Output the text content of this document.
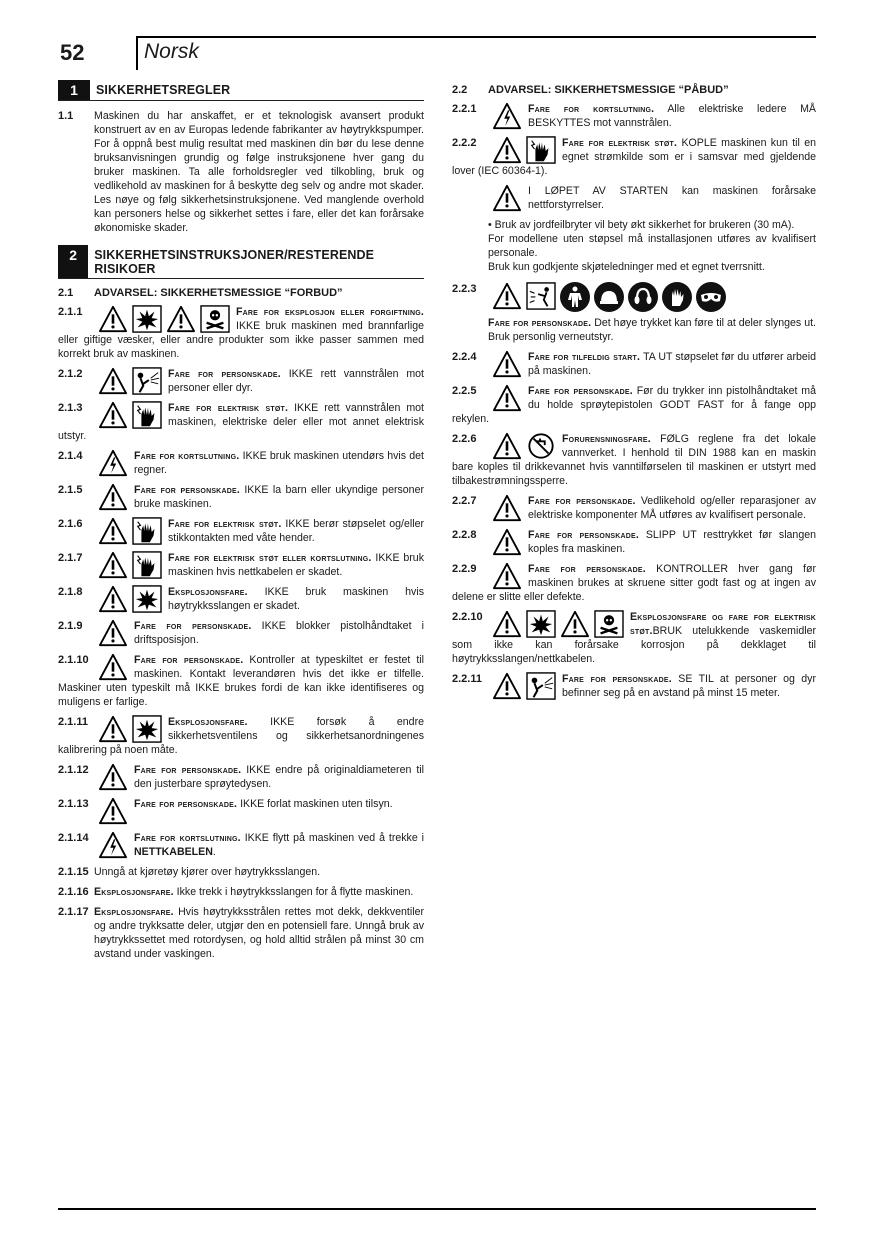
52	Norsk
1	SIKKERHETSREGLER
1.1 Maskinen du har anskaffet, er et teknologisk avansert produkt konstruert av en av Europas ledende fabrikanter av høytrykkspumper. For å oppnå best mulig resultat med maskinen din bør du lese denne bruksanvisningen grundig og følge instruksjonene hver gang du bruker maskinen. Ta alle forholdsregler ved tilkobling, bruk og vedlikehold av maskinen for å beskytte deg selv og andre mot skader. Les nøye og følg sikkerhetsinstruksjonene. Ved manglende overhold kan personers helse og sikkerhet settes i fare, eller det kan forårsake økonomiske skader.
2	SIKKERHETSINSTRUKSJONER/RESTERENDE RISIKOER
2.1	ADVARSEL: SIKKERHETSMESSIGE “FORBUD”
2.1.1	Fare for eksplosjon eller forgiftning. IKKE bruk maskinen med brannfarlige eller giftige væsker, eller andre produkter som ikke passer sammen med korrekt bruk av maskinen.

2.1.2	Fare for personskade. IKKE rett vannstrålen mot personer eller dyr.

2.1.3	Fare for elektrisk støt. IKKE rett vannstrålen mot maskinen, elektriske deler eller mot annet elektrisk utstyr.

2.1.4	Fare for kortslutning. IKKE bruk maskinen utendørs hvis det regner.

2.1.5	Fare for personskade. IKKE la barn eller ukyndige personer bruke maskinen.

2.1.6	Fare for elektrisk støt. IKKE berør støpselet og/eller stikkontakten med våte hender.

2.1.7	Fare for elektrisk støt eller kortslutning. IKKE bruk maskinen hvis nettkabelen er skadet.

2.1.8	Eksplosjonsfare. IKKE bruk maskinen hvis høytrykksslangen er skadet.

2.1.9	Fare for personskade. IKKE blokker pistolhåndtaket i driftsposisjon.

2.1.10	Fare for personskade. Kontroller at typeskiltet er festet til maskinen. Kontakt leverandøren hvis det ikke er tilfelle. Maskiner uten typeskilt må IKKE brukes fordi de kan ikke identifiseres og muligens er farlige.

2.1.11	Eksplosjonsfare. IKKE forsøk å endre sikkerhetsventilens og sikkerhetsanordningenes kalibrering på noen måte.

2.1.12	Fare for personskade. IKKE endre på originaldiameteren til den justerbare sprøytedysen.

2.1.13	Fare for personskade. IKKE forlat maskinen uten tilsyn.

2.1.14	Fare for kortslutning. IKKE flytt på maskinen ved å trekke i NETTKABELEN.

2.1.15 Unngå at kjøretøy kjører over høytrykksslangen.

2.1.16 Eksplosjonsfare. Ikke trekk i høytrykksslangen for å flytte maskinen.

2.1.17 Eksplosjonsfare. Hvis høytrykksstrålen rettes mot dekk, dekkventiler og andre trykksatte deler, utgjør den en potensiell fare. Unngå bruk av høytrykkssettet med rotordysen, og hold alltid strålen på minst 30 cm avstand under vaskingen.

2.2	ADVARSEL: SIKKERHETSMESSIGE “PÅBUD”
2.2.1	Fare for kortslutning. Alle elektriske ledere MÅ BESKYTTES mot vannstrålen.

2.2.2	Fare for elektrisk støt. KOPLE maskinen kun til en egnet strømkilde som er i samsvar med gjeldende lover (IEC 60364-1).

I LØPET AV STARTEN kan maskinen forårsake nettforstyrrelser.

• Bruk av jordfeilbryter vil bety økt sikkerhet for brukeren (30 mA).

For modellene uten støpsel må installasjonen utføres av kvalifisert personale.

Bruk kun godkjente skjøteledninger med et egnet tverrsnitt.

2.2.3

Fare for personskade. Det høye trykket kan føre til at deler slynges ut. Bruk personlig verneutstyr.

2.2.4	Fare for tilfeldig start. TA UT støpselet før du utfører arbeid på maskinen.

2.2.5	Fare for personskade. Før du trykker inn pistolhåndtaket må du holde sprøytepistolen GODT FAST for å fange opp rekylen.

2.2.6	Forurensningsfare. FØLG reglene fra det lokale vannverket. I henhold til DIN 1988 kan en maskin bare koples til drikkevannet hvis vanntilførselen til maskinen er utstyrt med tilbakestrømningssperre.

2.2.7	Fare for personskade. Vedlikehold og/eller reparasjoner av elektriske komponenter MÅ utføres av kvalifisert personale.

2.2.8	Fare for personskade. SLIPP UT resttrykket før slangen koples fra maskinen.

2.2.9	Fare for personskade. KONTROLLER hver gang før maskinen brukes at skruene sitter godt fast og at ingen av delene er slitte eller defekte.

2.2.10	Eksplosjonsfare og fare for elektrisk støt.BRUK utelukkende vaskemidler som ikke kan forårsake korrosjon på dekklaget til høytrykksslangen/nettkabelen.

2.2.11	Fare for personskade. SE TIL at personer og dyr befinner seg på en avstand på minst 15 meter.
